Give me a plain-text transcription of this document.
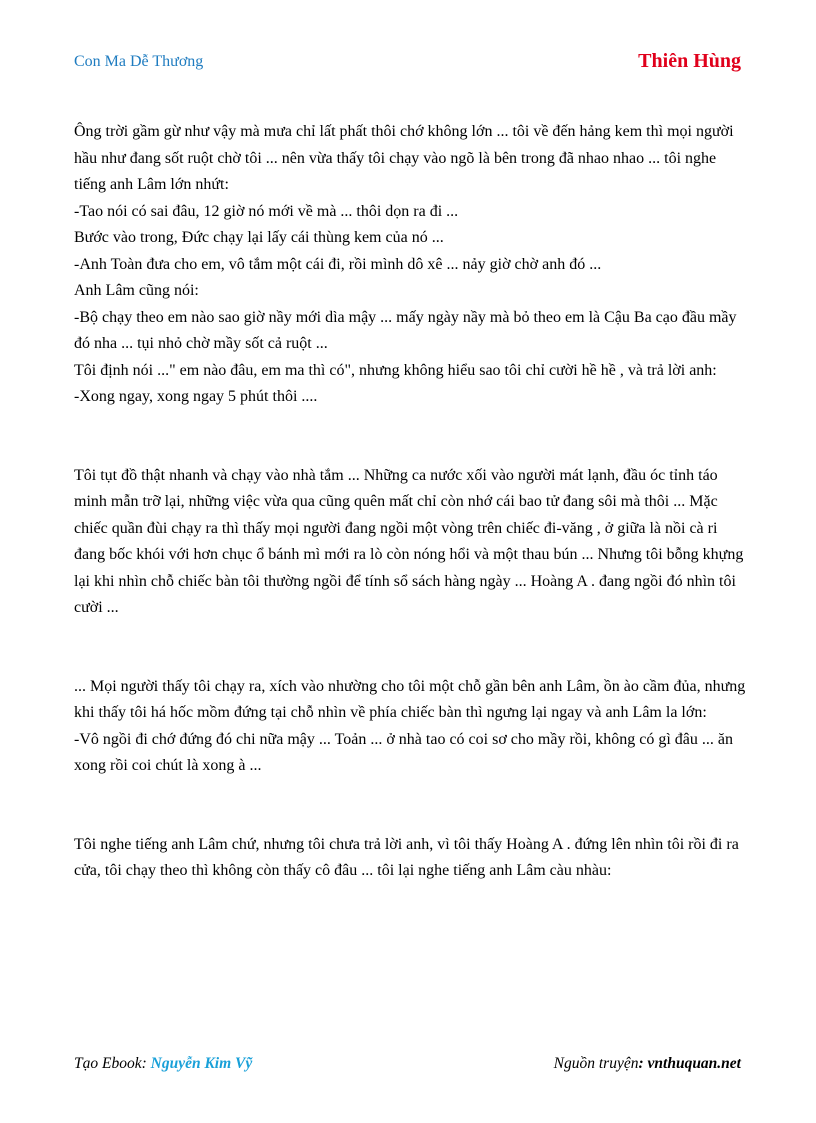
Con Ma Dễ Thương	Thiên Hùng

Ông trời gầm gừ như vậy mà mưa chỉ lất phất thôi chớ không lớn ... tôi về đến hảng kem thì mọi người hầu như đang sốt ruột chờ tôi ... nên vừa thấy tôi chạy vào ngõ là bên trong đã nhao nhao ... tôi nghe tiếng anh Lâm lớn nhứt:

-Tao nói có sai đâu, 12 giờ nó mới về mà ... thôi dọn ra đi ...

Bước vào trong, Đức chạy lại lấy cái thùng kem của nó ...

-Anh Toàn đưa cho em, vô tắm một cái đi, rồi mình dô xê ... nảy giờ chờ anh đó ...

Anh Lâm cũng nói:

-Bộ chạy theo em nào sao giờ nầy mới dìa mậy ... mấy ngày nầy mà bỏ theo em là Cậu Ba cạo đầu mầy đó nha ... tụi nhỏ chờ mầy sốt cả ruột ...

Tôi định nói ..." em nào đâu, em ma thì có", nhưng không hiểu sao tôi chỉ cười hề hề , và trả lời anh:

-Xong ngay, xong ngay 5 phút thôi ....

Tôi tụt đồ thật nhanh và chạy vào nhà tắm ... Những ca nước xối vào người mát lạnh, đầu óc tỉnh táo minh mẫn trỡ lại, những việc vừa qua cũng quên mất chỉ còn nhớ cái bao tử đang sôi mà thôi ... Mặc chiếc quần đùi chạy ra thì thấy mọi người đang ngồi một vòng trên chiếc đi-văng , ở giữa là nồi cà ri đang bốc khói với hơn chục ổ bánh mì mới ra lò còn nóng hổi và một thau bún ... Nhưng tôi bỗng khựng lại khi nhìn chỗ chiếc bàn tôi thường ngồi để tính sổ sách hàng ngày ... Hoàng A . đang ngồi đó nhìn tôi cười ...

... Mọi người thấy tôi chạy ra, xích vào nhường cho tôi một chỗ gần bên anh Lâm, ồn ào cầm đủa, nhưng khi thấy tôi há hốc mồm đứng tại chỗ nhìn về phía chiếc bàn thì ngưng lại ngay và anh Lâm la lớn:

-Vô ngồi đi chớ đứng đó chi nữa mậy ... Toản ... ở nhà tao có coi sơ cho mầy rồi, không có gì đâu ... ăn xong rồi coi chút là xong à ...

Tôi nghe tiếng anh Lâm chứ, nhưng tôi chưa trả lời anh, vì tôi thấy Hoàng A . đứng lên nhìn tôi rồi đi ra cửa, tôi chạy theo thì không còn thấy cô đâu ... tôi lại nghe tiếng anh Lâm càu nhàu:

Tạo Ebook: Nguyễn Kim Vỹ	Nguồn truyện: vnthuquan.net
